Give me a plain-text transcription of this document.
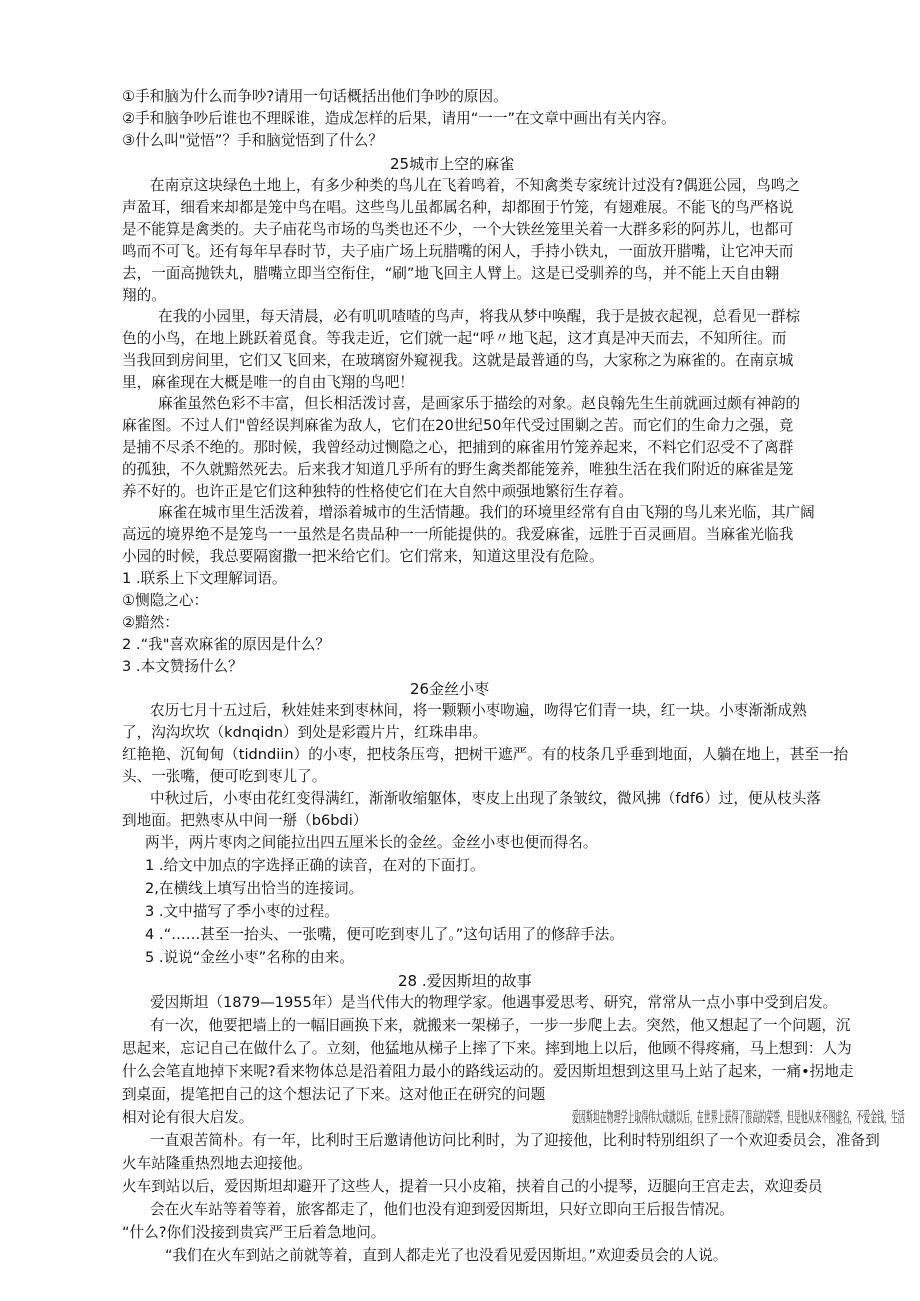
①手和脑为什么而争吵?请用一句话概括出他们争吵的原因。
②手和脑争吵后谁也不理睬谁，造成怎样的后果，请用“一一”在文章中画出有关内容。
③什么叫"觉悟”？手和脑觉悟到了什么？
25城市上空的麻雀
在南京这块绿色土地上，有多少种类的鸟儿在飞着鸣着，不知禽类专家统计过没有?偶逛公园，鸟鸣之
声盈耳，细看来却都是笼中鸟在唱。这些鸟儿虽都属名种，却都囿于竹笼，有翅难展。不能飞的鸟严格说
是不能算是禽类的。夫子庙花鸟市场的鸟类也还不少，一个大铁丝笼里关着一大群多彩的阿苏儿，也都可
鸣而不可飞。还有每年早春时节，夫子庙广场上玩腊嘴的闲人，手持小铁丸，一面放开腊嘴，让它冲天而
去，一面高抛铁丸，腊嘴立即当空衔住，“刷”地飞回主人臂上。这是已受驯养的鸟，并不能上天自由翱
翔的。
在我的小园里，每天清晨，必有叽叽喳喳的鸟声，将我从梦中唤醒，我于是披衣起视，总看见一群棕
色的小鸟，在地上跳跃着觅食。等我走近，它们就一起“呼〃地飞起，这才真是冲天而去，不知所往。而
当我回到房间里，它们又飞回来，在玻璃窗外窥视我。这就是最普通的鸟，大家称之为麻雀的。在南京城
里，麻雀现在大概是唯一的自由飞翔的鸟吧！
麻雀虽然色彩不丰富，但长相活泼讨喜，是画家乐于描绘的对象。赵良翰先生生前就画过颇有神韵的
麻雀图。不过人们"曾经误判麻雀为敌人，它们在20世纪50年代受过围剿之苦。而它们的生命力之强，竟
是捕不尽杀不绝的。那时候，我曾经动过恻隐之心，把捕到的麻雀用竹笼养起来，不料它们忍受不了离群
的孤独，不久就黯然死去。后来我才知道几乎所有的野生禽类都能笼养，唯独生活在我们附近的麻雀是笼
养不好的。也许正是它们这种独特的性格使它们在大自然中顽强地繁衍生存着。
麻雀在城市里生活泼着，增添着城市的生活情趣。我们的环境里经常有自由飞翔的鸟儿来光临，其广阔
高远的境界绝不是笼鸟一一虽然是名贵品种一一所能提供的。我爱麻雀，远胜于百灵画眉。当麻雀光临我
小园的时候，我总要隔窗撒一把米给它们。它们常来，知道这里没有危险。
1 .联系上下文理解词语。
①恻隐之心：
②黯然：
2 .“我"喜欢麻雀的原因是什么？
3 .本文赞扬什么？
26金丝小枣
农历七月十五过后，秋娃娃来到枣林间，将一颗颗小枣吻遍，吻得它们青一块，红一块。小枣渐渐成熟
了，沟沟坎坎（kdnqidn）到处是彩霞片片，红珠串串。
红艳艳、沉甸甸（tidndiin）的小枣，把枝条压弯，把树干遮严。有的枝条几乎垂到地面，人躺在地上，甚至一抬
头、一张嘴，便可吃到枣儿了。
中秋过后，小枣由花红变得满红，渐渐收缩躯体，枣皮上出现了条皱纹，微风拂（fdf6）过，便从枝头落
到地面。把熟枣从中间一掰（b6bdi）
两半，两片枣肉之间能拉出四五厘米长的金丝。金丝小枣也便而得名。
1 .给文中加点的字选择正确的读音，在对的下面打。
2,在横线上填写出恰当的连接词。
3 .文中描写了季小枣的过程。
4 .“……甚至一抬头、一张嘴，便可吃到枣儿了。”这句话用了的修辞手法。
5 .说说“金丝小枣”名称的由来。
28 .爱因斯坦的故事
爱因斯坦（1879—1955年）是当代伟大的物理学家。他遇事爱思考、研究，常常从一点小事中受到启发。
有一次，他要把墙上的一幅旧画换下来，就搬来一架梯子，一步一步爬上去。突然，他又想起了一个问题，沉
思起来，忘记自己在做什么了。立刻，他猛地从梯子上摔了下来。摔到地上以后，他顾不得疼痛，马上想到：人为
什么会笔直地掉下来呢?看来物体总是沿着阻力最小的路线运动的。爱因斯坦想到这里马上站了起来，一痛•拐地走
到桌面，提笔把自己的这个想法记了下来。这对他正在研究的问题
相对论有很大启发。	爱因斯坦在物理学上取得伟大成就以后，在世界上获得了很高的荣誉，但是他从来不图虚名，不爱金钱，生活
一直艰苦简朴。有一年，比利时王后邀请他访问比利时，为了迎接他，比利时特别组织了一个欢迎委员会，准备到
火车站隆重热烈地去迎接他。
火车到站以后，爱因斯坦却避开了这些人，提着一只小皮箱，挟着自己的小提琴，迈腿向王宫走去，欢迎委员
会在火车站等着等着，旅客都走了，他们也没有迎到爱因斯坦，只好立即向王后报告情况。
“什么?你们没接到贵宾严王后着急地问。
“我们在火车到站之前就等着，直到人都走光了也没看见爱因斯坦。”欢迎委员会的人说。
